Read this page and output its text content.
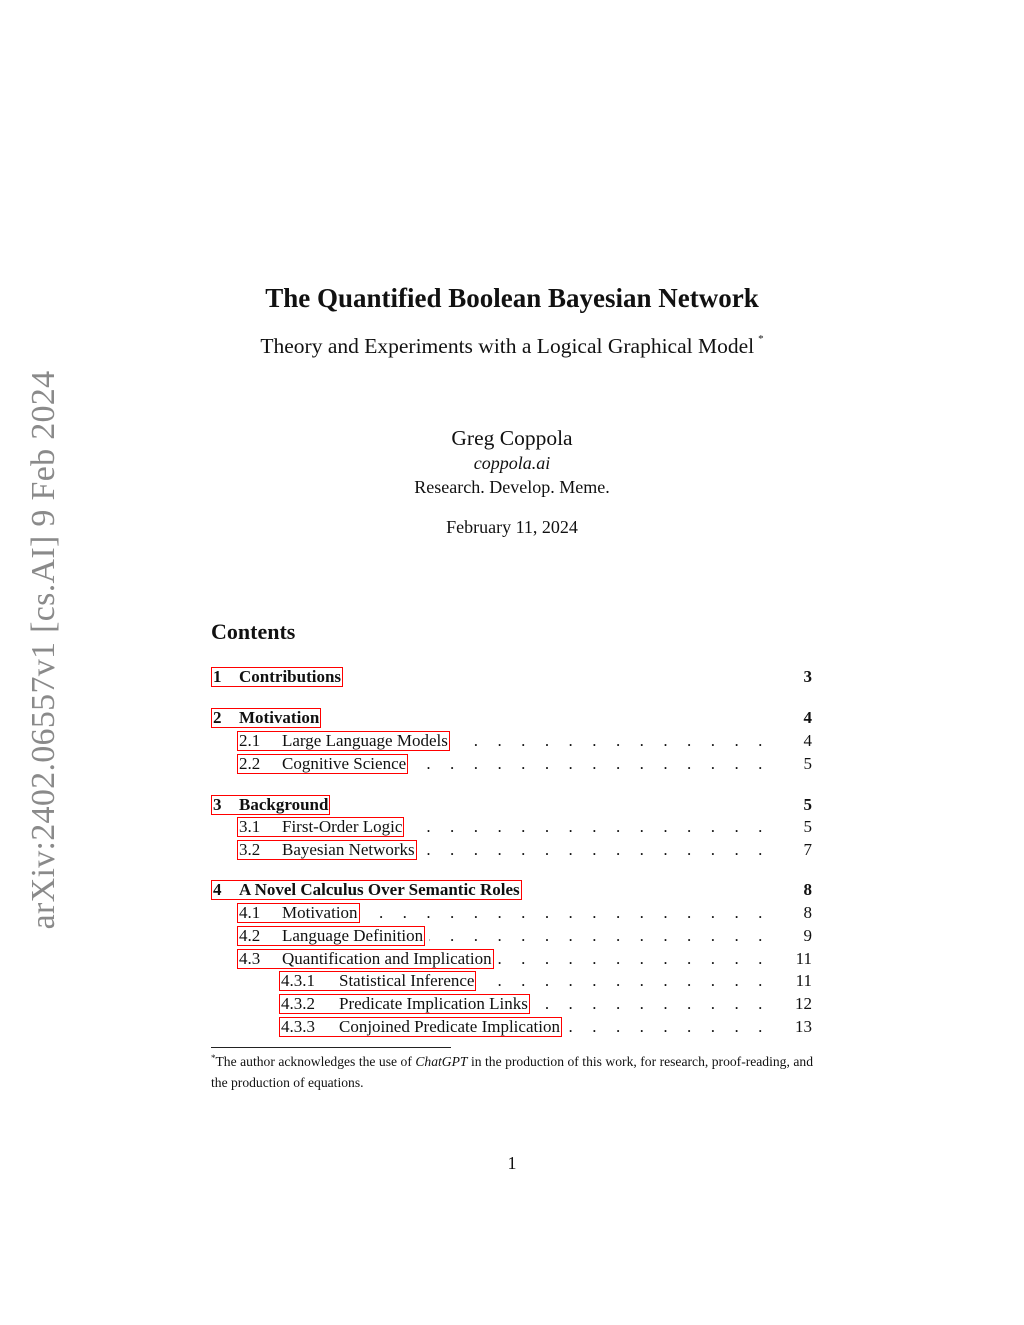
arXiv:2402.06557v1 [cs.AI] 9 Feb 2024
The Quantified Boolean Bayesian Network
Theory and Experiments with a Logical Graphical Model *
Greg Coppola
coppola.ai
Research. Develop. Meme.
February 11, 2024
Contents
1	Contributions	3
2	Motivation	4
2.1	Large Language Models . . .	4
2.2	Cognitive Science . . .	5
3	Background	5
3.1	First-Order Logic . . .	5
3.2	Bayesian Networks . . .	7
4	A Novel Calculus Over Semantic Roles	8
4.1	Motivation . . .	8
4.2	Language Definition . . .	9
4.3	Quantification and Implication . . .	11
4.3.1	Statistical Inference . . .	11
4.3.2	Predicate Implication Links . . .	12
4.3.3	Conjoined Predicate Implication . . .	13
*The author acknowledges the use of ChatGPT in the production of this work, for research, proof-reading, and the production of equations.
1
